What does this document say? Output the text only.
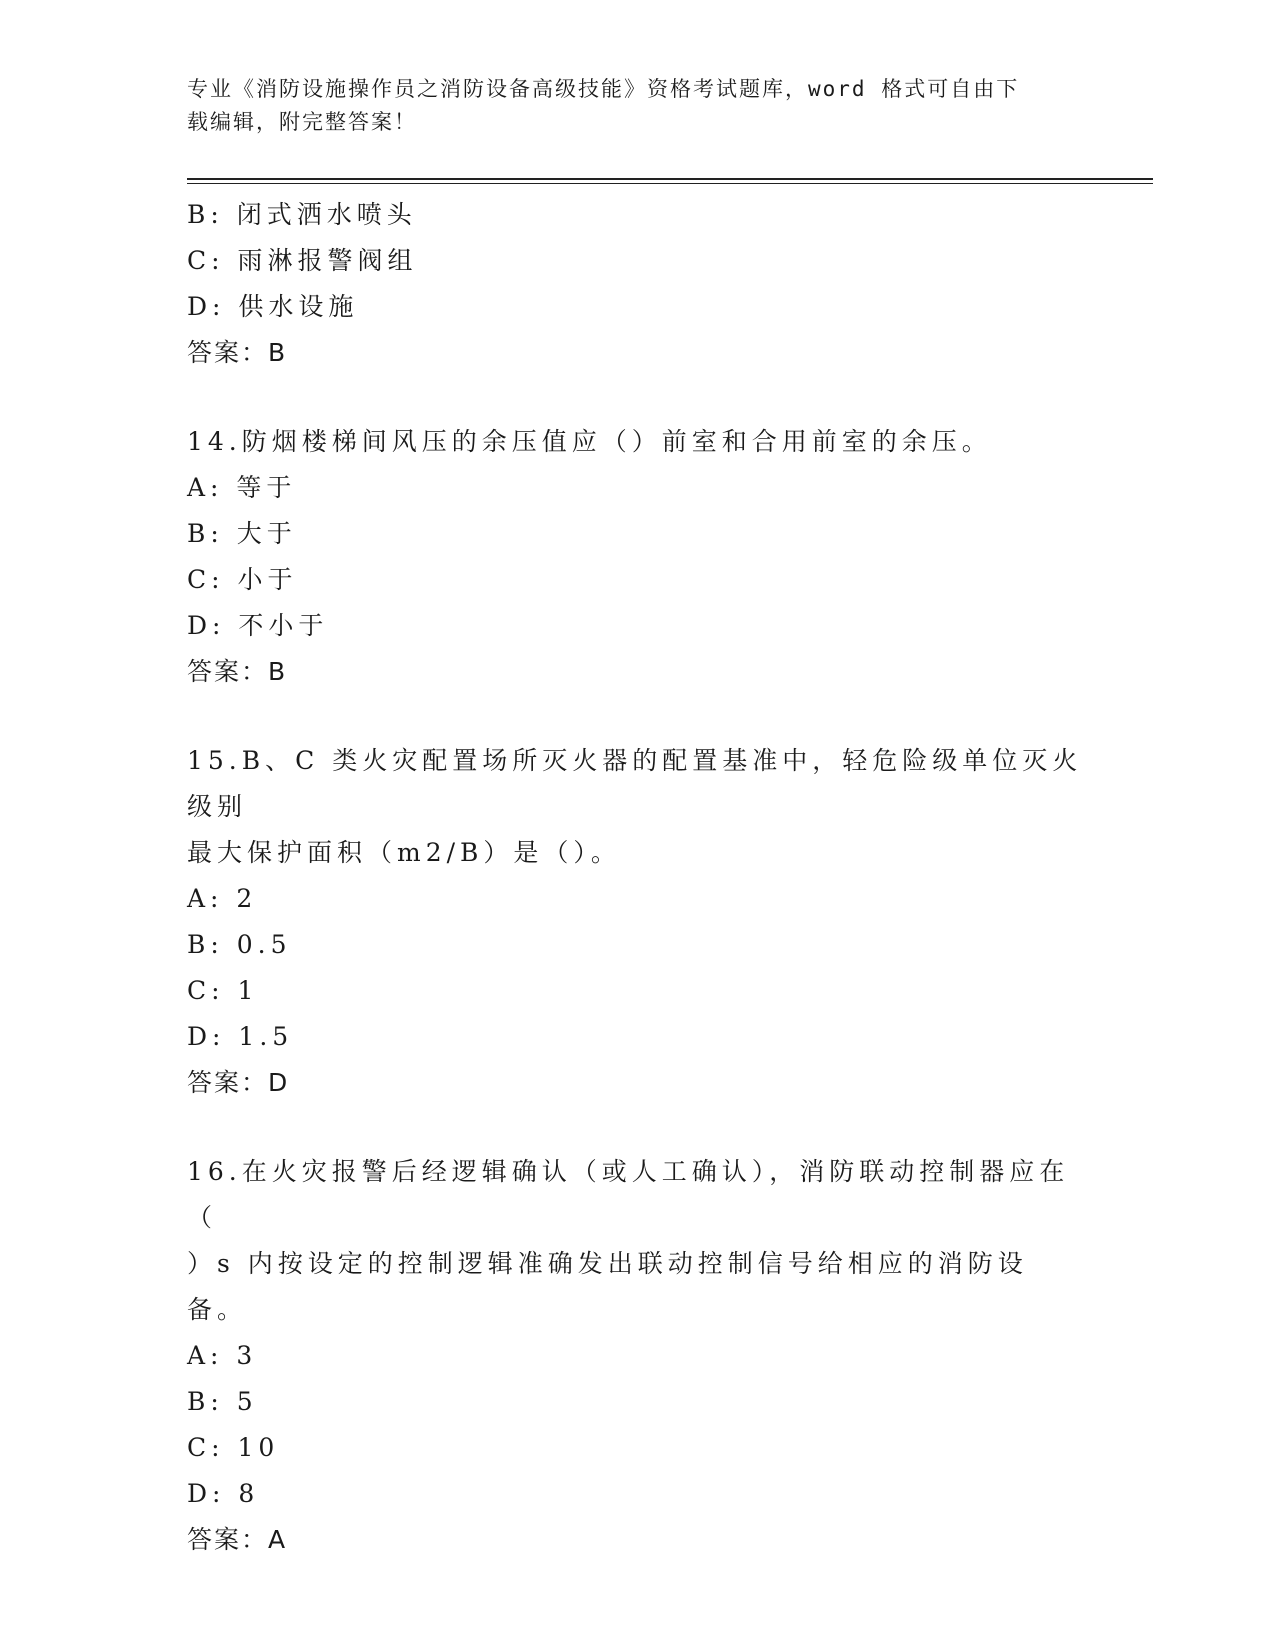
专业《消防设施操作员之消防设备高级技能》资格考试题库，word 格式可自由下
载编辑，附完整答案！
B: 闭式洒水喷头
C: 雨淋报警阀组
D: 供水设施
答案：B
14.防烟楼梯间风压的余压值应（）前室和合用前室的余压。
A: 等于
B: 大于
C: 小于
D: 不小于
答案：B
15.B、C 类火灾配置场所灭火器的配置基准中，轻危险级单位灭火级别
最大保护面积（m2/B）是（）。
A: 2
B: 0.5
C: 1
D: 1.5
答案：D
16.在火灾报警后经逻辑确认（或人工确认），消防联动控制器应在（
）s 内按设定的控制逻辑准确发出联动控制信号给相应的消防设备。
A: 3
B: 5
C: 10
D: 8
答案：A
